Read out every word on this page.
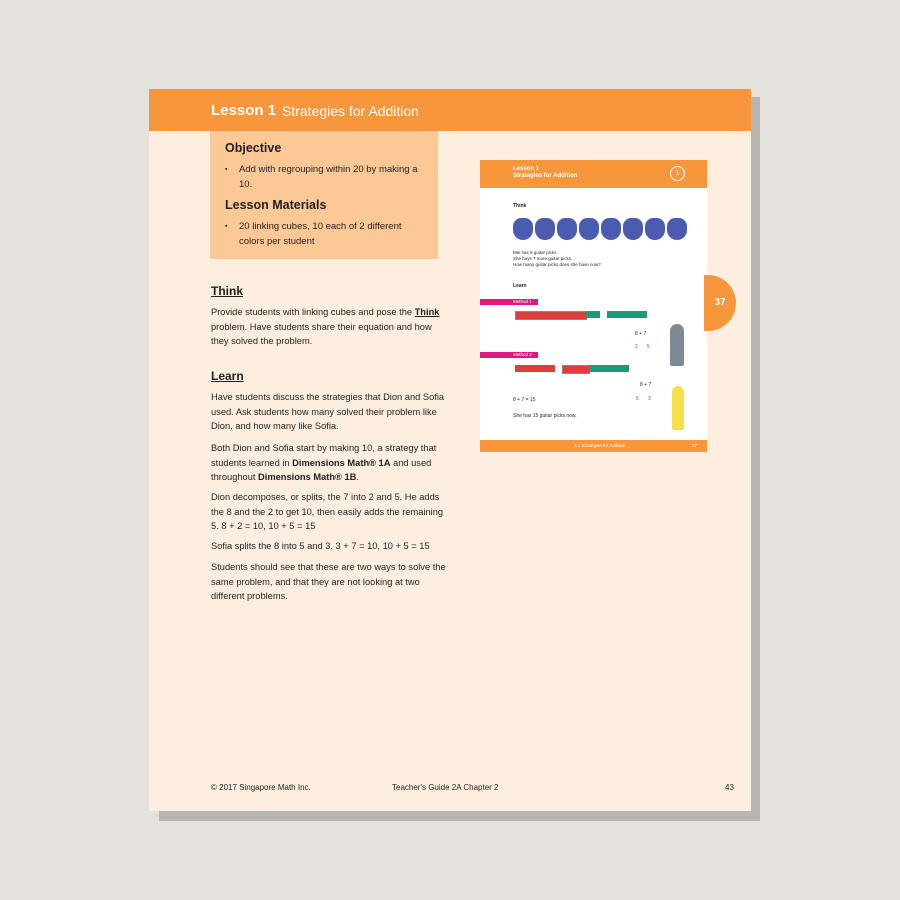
Lesson 1 Strategies for Addition
Objective
▪ Add with regrouping within 20 by making a 10.
Lesson Materials
▪ 20 linking cubes, 10 each of 2 different colors per student
Think
Provide students with linking cubes and pose the Think problem. Have students share their equation and how they solved the problem.
Learn
Have students discuss the strategies that Dion and Sofia used. Ask students how many solved their problem like Dion, and how many like Sofia.
Both Dion and Sofia start by making 10, a strategy that students learned in Dimensions Math® 1A and used throughout Dimensions Math® 1B.
Dion decomposes, or splits, the 7 into 2 and 5. He adds the 8 and the 2 to get 10, then easily adds the remaining 5. 8 + 2 = 10, 10 + 5 = 15
Sofia splits the 8 into 5 and 3. 3 + 7 = 10, 10 + 5 = 15
Students should see that these are two ways to solve the same problem, and that they are not looking at two different problems.
Lesson 1
Strategies for Addition	1
Think
Mei has 8 guitar picks.
She buys 7 more guitar picks.
How many guitar picks does she have now?
Learn
Method 1
8 + 7
2 5
Method 2
8 + 7
5 3
8 + 7 = 15
She has 15 guitar picks now.
2.1 Strategies for Addition	37
37
© 2017 Singapore Math Inc.	Teacher's Guide 2A Chapter 2	43
